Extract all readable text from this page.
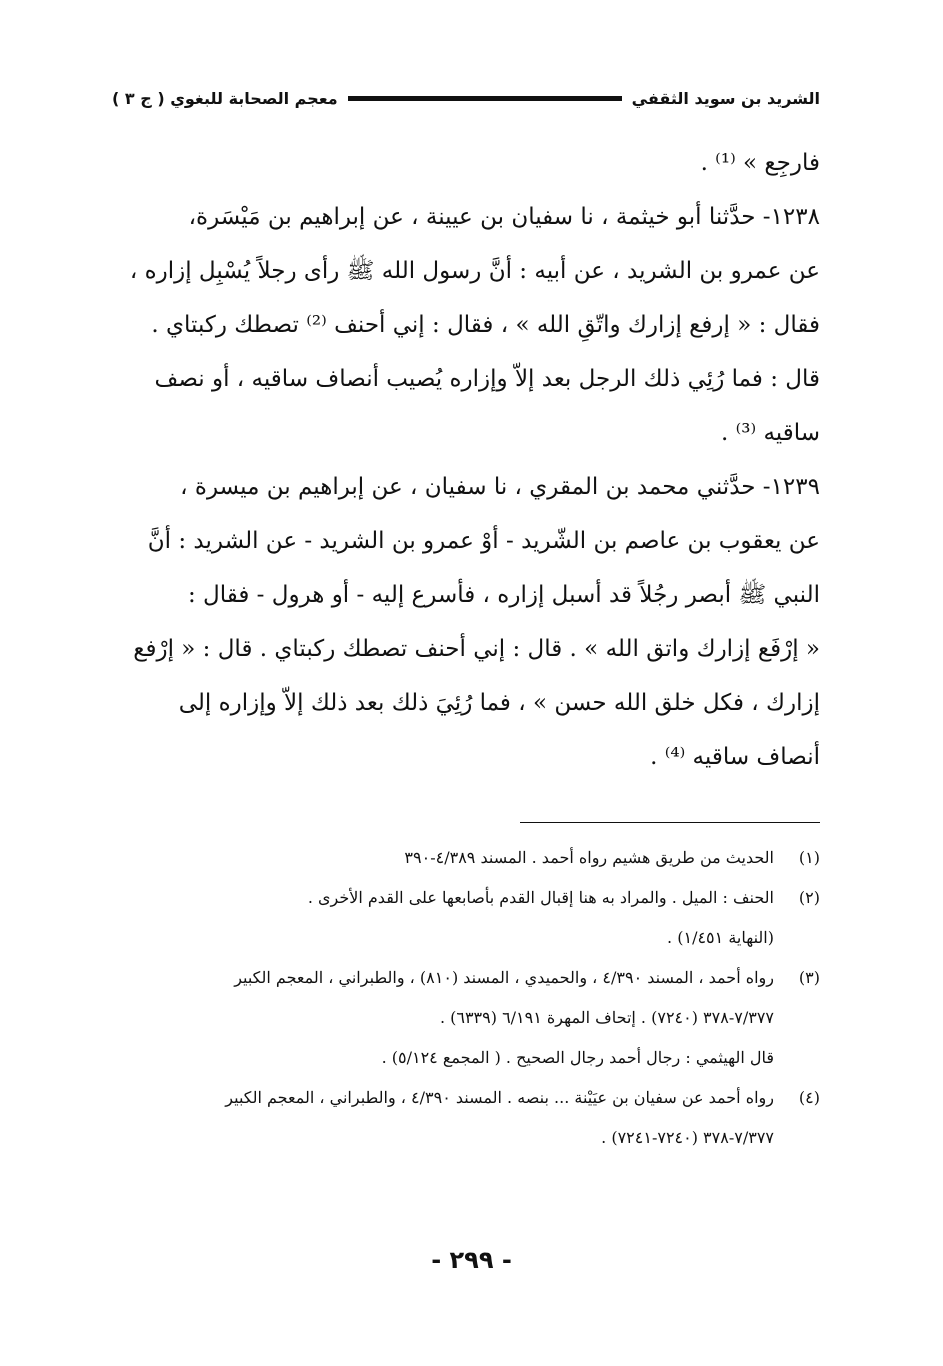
الشريد بن سويد الثقفي
معجم الصحابة للبغوي ( ج ٣ )

فارجِع » ⁽¹⁾ .

١٢٣٨- حدَّثنا أبو خيثمة ، نا سفيان بن عيينة ، عن إبراهيم بن مَيْسَرة،

عن عمرو بن الشريد ، عن أبيه : أنَّ رسول الله ﷺ رأى رجلاً يُسْبِل إزاره ،

فقال : « إرفع إزارك واتّقِ الله » ، فقال : إني أحنف ⁽²⁾ تصطك ركبتاي .

قال : فما رُئِي ذلك الرجل بعد إلاّ وإزاره يُصيب أنصاف ساقيه ، أو نصف

ساقيه ⁽³⁾ .

١٢٣٩- حدَّثني محمد بن المقري ، نا سفيان ، عن إبراهيم بن ميسرة ،

عن يعقوب بن عاصم بن الشّريد - أوْ عمرو بن الشريد - عن الشريد : أنَّ

النبي ﷺ أبصر رجُلاً قد أسبل إزاره ، فأسرع إليه - أو هرول - فقال :

« إرْفَع إزارك واتق الله » . قال : إني أحنف تصطك ركبتاي . قال : « إرْفع

إزارك ، فكل خلق الله حسن » ، فما رُئِيَ ذلك بعد ذلك إلاّ وإزاره إلى

أنصاف ساقيه ⁽⁴⁾ .

(١)
الحديث من طريق هشيم رواه أحمد . المسند ٤/٣٨٩-٣٩٠
(٢)
الحنف : الميل . والمراد به هنا إقبال القدم بأصابعها على القدم الأخرى .
(النهاية ١/٤٥١) .
(٣)
رواه أحمد ، المسند ٤/٣٩٠ ، والحميدي ، المسند (٨١٠) ، والطبراني ، المعجم الكبير
٧/٣٧٧-٣٧٨ (٧٢٤٠) . إتحاف المهرة ٦/١٩١ (٦٣٣٩) .
قال الهيثمي : رجال أحمد رجال الصحيح . ( المجمع ٥/١٢٤) .
(٤)
رواه أحمد عن سفيان بن عيَيْنة ... بنصه . المسند ٤/٣٩٠ ، والطبراني ، المعجم الكبير
٧/٣٧٧-٣٧٨ (٧٢٤٠-٧٢٤١) .
- ٢٩٩ -
